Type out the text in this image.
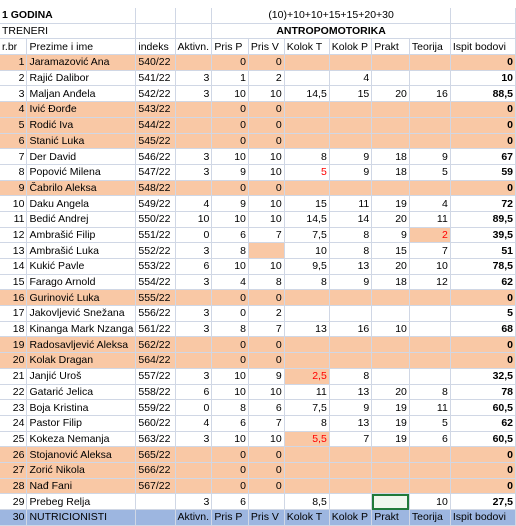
1 GODINA				(10)+10+10+15+15+20+30						
TRENERI				ANTROPOMOTORIKA						
r.br	Prezime i ime	indeks	Aktivn.	Pris P	Pris V	Kolok T	Kolok P	Prakt	Teorija	Ispit bodovi
1	Jaramazović Ana	540/22		0	0					0
2	Rajić Dalibor	541/22	3	1	2		4			10
3	Maljan Anđela	542/22	3	10	10	14,5	15	20	16	88,5
4	Ivić Đorđe	543/22		0	0					0
5	Rodić Iva	544/22		0	0					0
6	Stanić Luka	545/22		0	0					0
7	Der David	546/22	3	10	10	8	9	18	9	67
8	Popović Milena	547/22	3	9	10	5	9	18	5	59
9	Čabrilo Aleksa	548/22		0	0					0
10	Daku Angela	549/22	4	9	10	15	11	19	4	72
11	Bedić Andrej	550/22	10	10	10	14,5	14	20	11	89,5
12	Ambrašić Filip	551/22	0	6	7	7,5	8	9	2	39,5
13	Ambrašić Luka	552/22	3	8		10	8	15	7	51
14	Kukić Pavle	553/22	6	10	10	9,5	13	20	10	78,5
15	Farago Arnold	554/22	3	4	8	8	9	18	12	62
16	Gurinović Luka	555/22		0	0					0
17	Jakovljević Snežana	556/22	3	0	2					5
18	Kinanga Mark Nzanga	561/22	3	8	7	13	16	10		68
19	Radosavljević Aleksa	562/22		0	0					0
20	Kolak Dragan	564/22		0	0					0
21	Janjić Uroš	557/22	3	10	9	2,5	8			32,5
22	Gatarić Jelica	558/22	6	10	10	11	13	20	8	78
23	Boja Kristina	559/22	0	8	6	7,5	9	19	11	60,5
24	Pastor Filip	560/22	4	6	7	8	13	19	5	62
25	Kokeza Nemanja	563/22	3	10	10	5,5	7	19	6	60,5
26	Stojanović Aleksa	565/22		0	0					0
27	Zorić Nikola	566/22		0	0					0
28	Nađ Fani	567/22		0	0					0
29	Prebeg Relja		3	6		8,5			10	27,5
30	NUTRICIONISTI		Aktivn.	Pris P	Pris V	Kolok T	Kolok P	Prakt	Teorija	Ispit bodovi
